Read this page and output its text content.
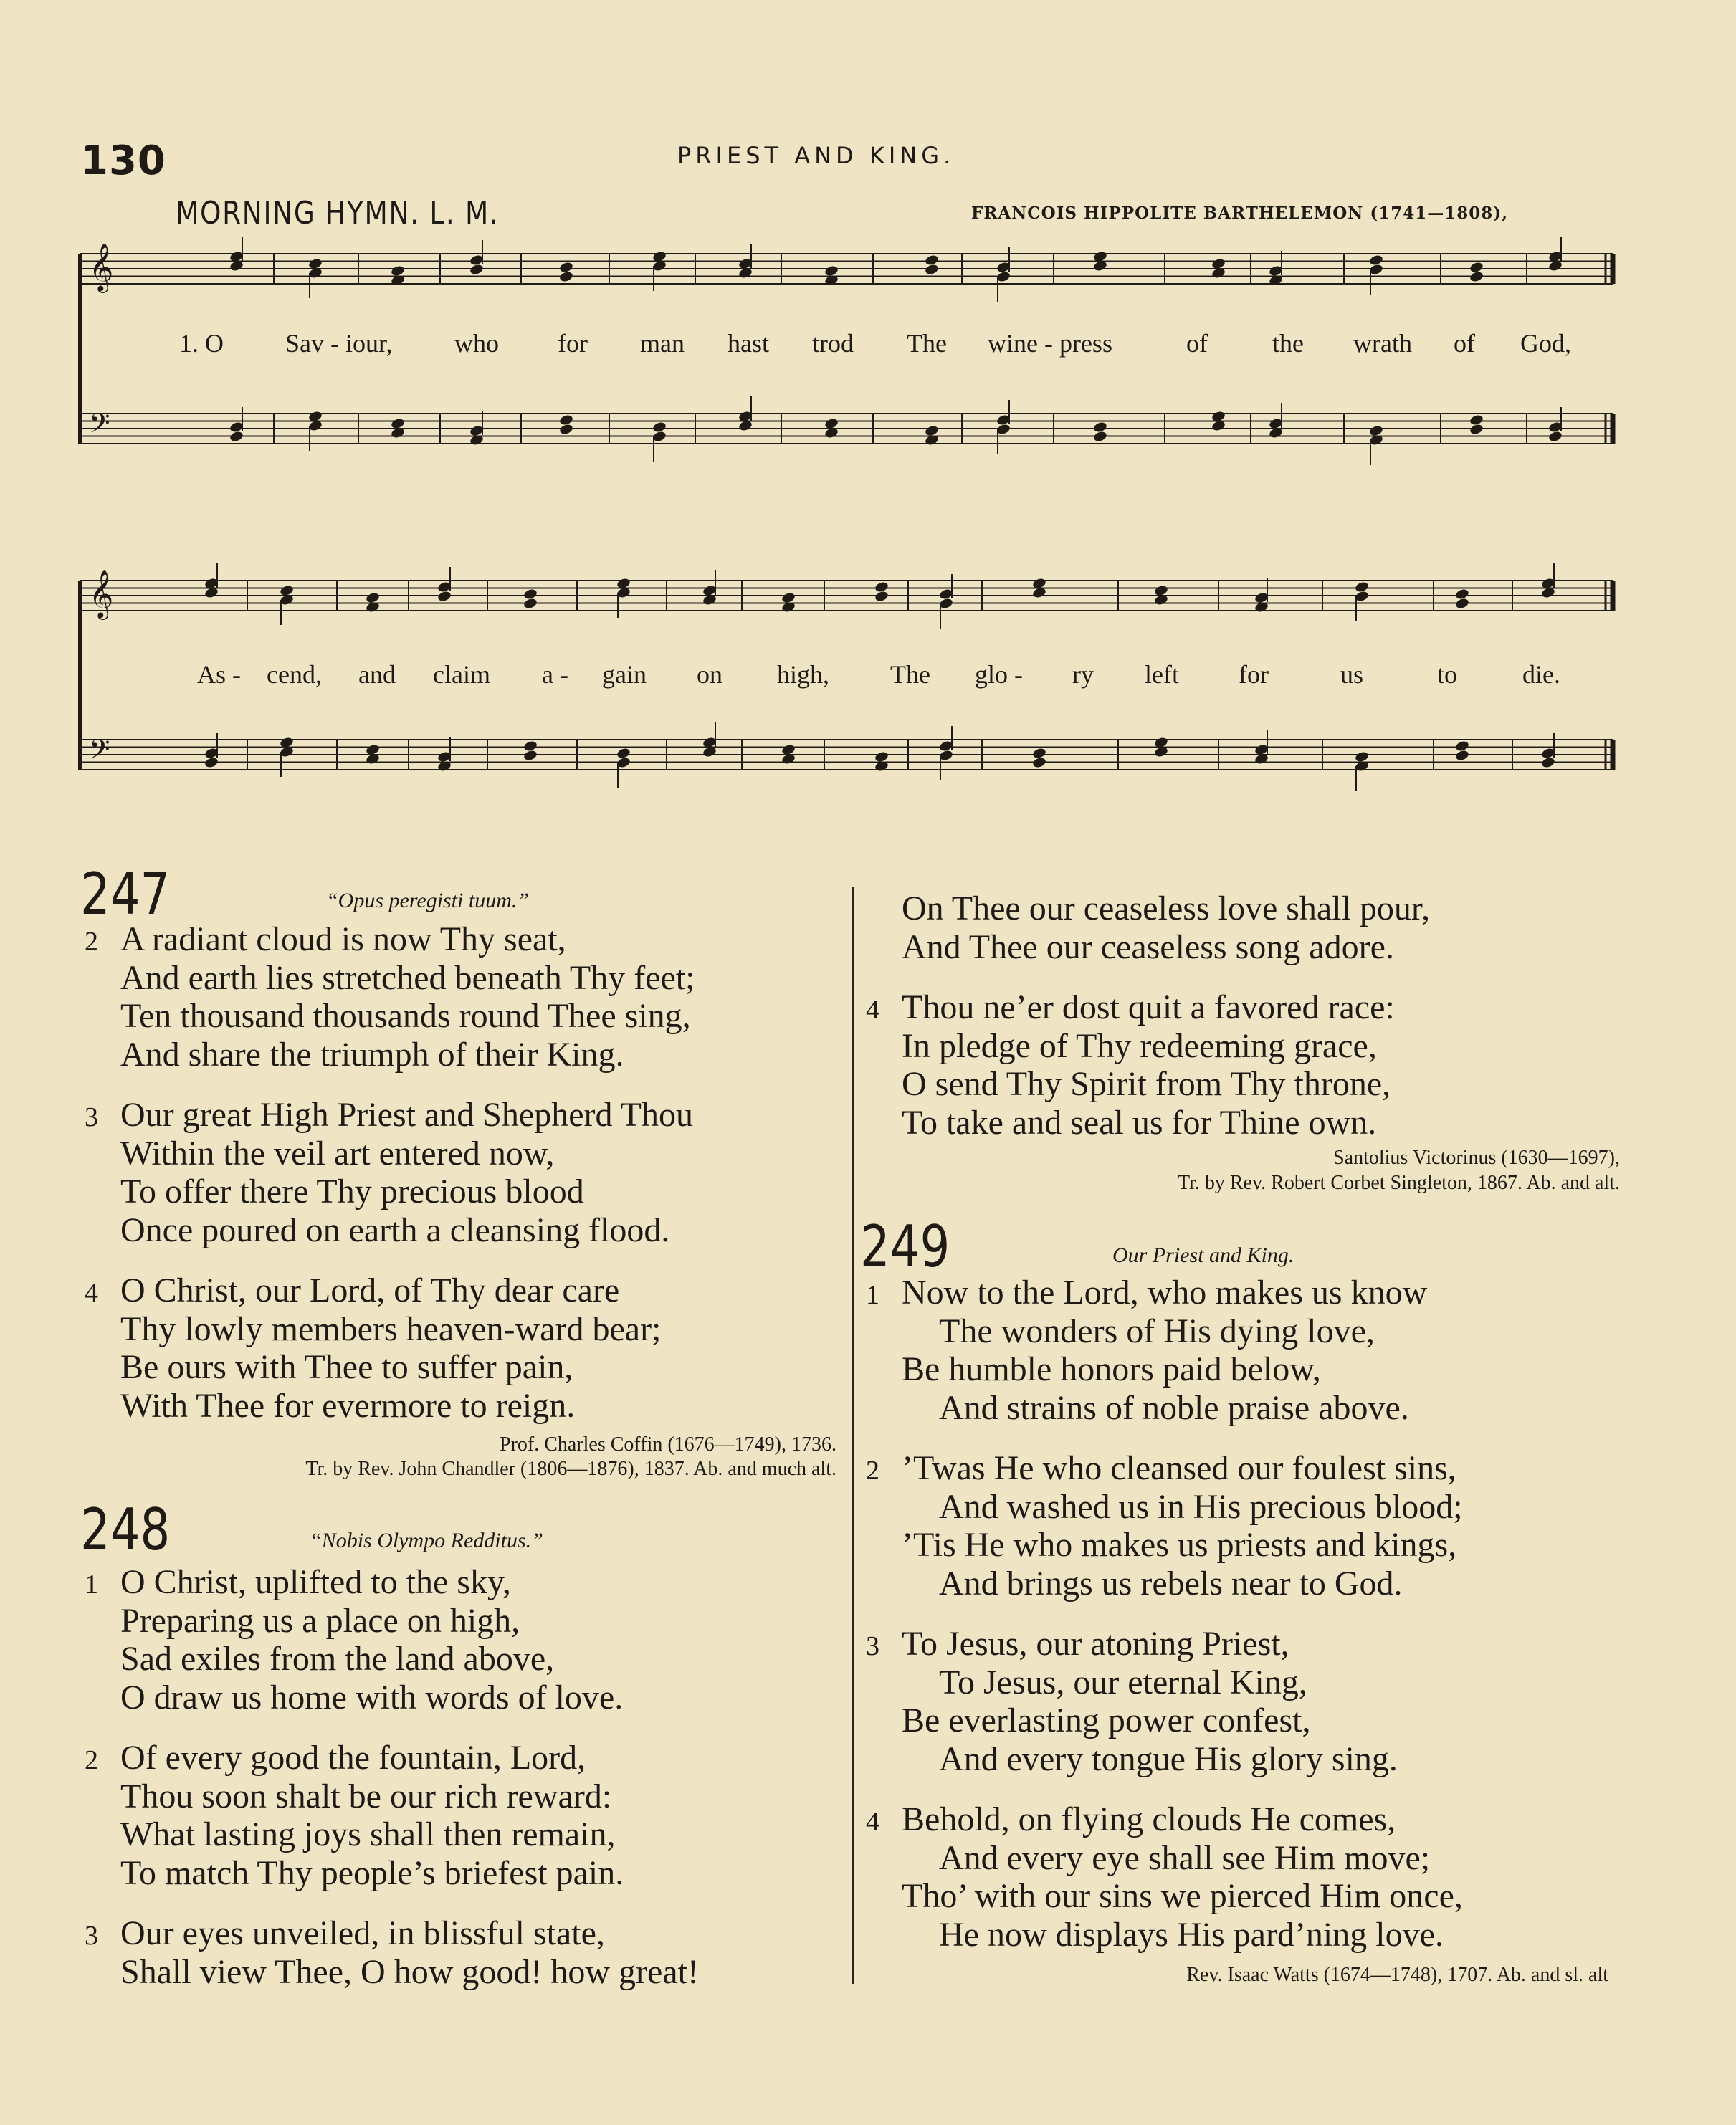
130	PRIEST AND KING.
MORNING HYMN. L. M.	FRANCOIS HIPPOLITE BARTHELEMON (1741—1808),
𝄞
𝄢
𝄞
𝄢
1. O Sav - iour, who for man hast trod The wine - press	of	the wrath of God,
As - cend, and claim a - gain on high, The glo - ry left for	us	to	die.
247	“Opus peregisti tuum.”
2 A radiant cloud is now Thy seat,
And earth lies stretched beneath Thy feet;
Ten thousand thousands round Thee sing,
And share the triumph of their King.
3 Our great High Priest and Shepherd Thou
Within the veil art entered now,
To offer there Thy precious blood
Once poured on earth a cleansing flood.
4 O Christ, our Lord, of Thy dear care
Thy lowly members heaven-ward bear;
Be ours with Thee to suffer pain,
With Thee for evermore to reign.
Prof. Charles Coffin (1676—1749), 1736.
Tr. by Rev. John Chandler (1806—1876), 1837. Ab. and much alt.
248	“Nobis Olympo Redditus.”
1 O Christ, uplifted to the sky,
Preparing us a place on high,
Sad exiles from the land above,
O draw us home with words of love.
2 Of every good the fountain, Lord,
Thou soon shalt be our rich reward:
What lasting joys shall then remain,
To match Thy people’s briefest pain.
3 Our eyes unveiled, in blissful state,
Shall view Thee, O how good! how great!
On Thee our ceaseless love shall pour,
And Thee our ceaseless song adore.
4 Thou ne’er dost quit a favored race:
In pledge of Thy redeeming grace,
O send Thy Spirit from Thy throne,
To take and seal us for Thine own.
Santolius Victorinus (1630—1697),
Tr. by Rev. Robert Corbet Singleton, 1867. Ab. and alt.
249	Our Priest and King.
1 Now to the Lord, who makes us know
The wonders of His dying love,
Be humble honors paid below,
And strains of noble praise above.
2 ’Twas He who cleansed our foulest sins,
And washed us in His precious blood;
’Tis He who makes us priests and kings,
And brings us rebels near to God.
3 To Jesus, our atoning Priest,
To Jesus, our eternal King,
Be everlasting power confest,
And every tongue His glory sing.
4 Behold, on flying clouds He comes,
And every eye shall see Him move;
Tho’ with our sins we pierced Him once,
He now displays His pard’ning love.
Rev. Isaac Watts (1674—1748), 1707. Ab. and sl. alt
